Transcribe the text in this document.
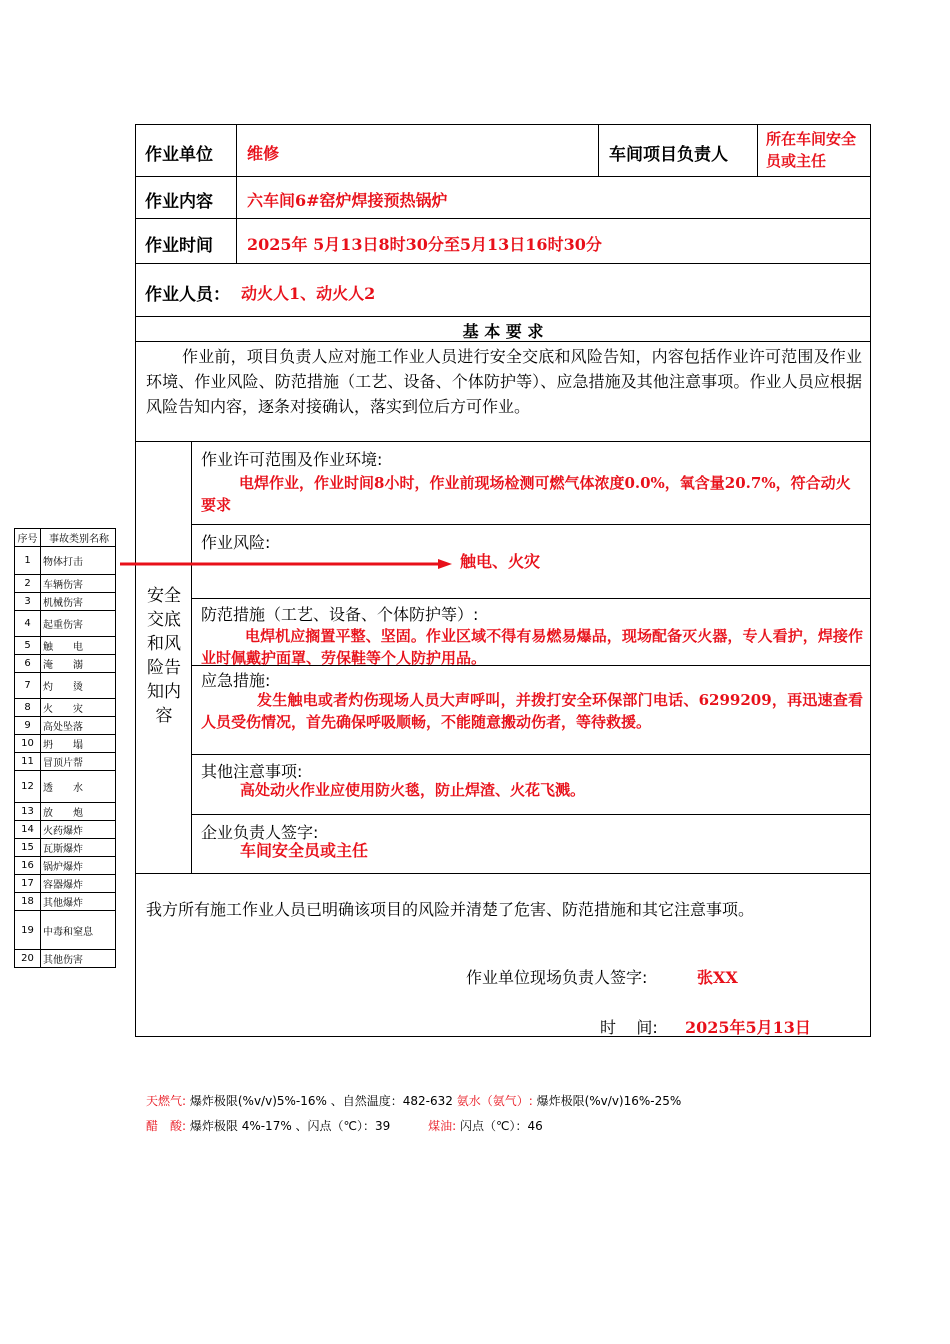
作业单位 维修	车间项目负责人
所在车间安全员或主任
作业内容 六车间6#窑炉焊接预热锅炉
作业时间 2025年 5月13日8时30分至5月13日16时30分
作业人员： 动火人1、动火人2
基 本 要 求
作业前，项目负责人应对施工作业人员进行安全交底和风险告知，内容包括作业许可范围及作业环境、作业风险、防范措施（工艺、设备、个体防护等）、应急措施及其他注意事项。作业人员应根据风险告知内容，逐条对接确认，落实到位后方可作业。
安全交底和风险告知内容
作业许可范围及作业环境:
电焊作业，作业时间8小时，作业前现场检测可燃气体浓度0.0%，氧含量20.7%，符合动火要求
作业风险:
触电、火灾
防范措施（工艺、设备、个体防护等）:
电焊机应搁置平整、坚固。作业区域不得有易燃易爆品，现场配备灭火器，专人看护，焊接作业时佩戴护面罩、劳保鞋等个人防护用品。
应急措施:
发生触电或者灼伤现场人员大声呼叫，并拨打安全环保部门电话、6299209，再迅速查看人员受伤情况，首先确保呼吸顺畅，不能随意搬动伤者，等待救援。
其他注意事项:
高处动火作业应使用防火毯，防止焊渣、火花飞溅。
企业负责人签字:
车间安全员或主任
我方所有施工作业人员已明确该项目的风险并清楚了危害、防范措施和其它注意事项。
作业单位现场负责人签字:	张XX
时    间: 2025年5月13日
序号	事故类别名称
1	物体打击
2	车辆伤害
3	机械伤害
4	起重伤害
5	触　　电
6	淹　　溺
7	灼　　烫
8	火　　灾
9	高处坠落
10 坍　　塌
11 冒顶片帮
12 透　　水
13 放　　炮
14 火药爆炸
15 瓦斯爆炸
16 锅炉爆炸
17 容器爆炸
18 其他爆炸
19 中毒和窒息
20 其他伤害
天燃气: 爆炸极限(%v/v)5%-16% 、自然温度：482-632 氨水（氨气）: 爆炸极限(%v/v)16%-25%
醋　酸: 爆炸极限 4%-17% 、闪点（℃）：39	煤油: 闪点（℃）：46
